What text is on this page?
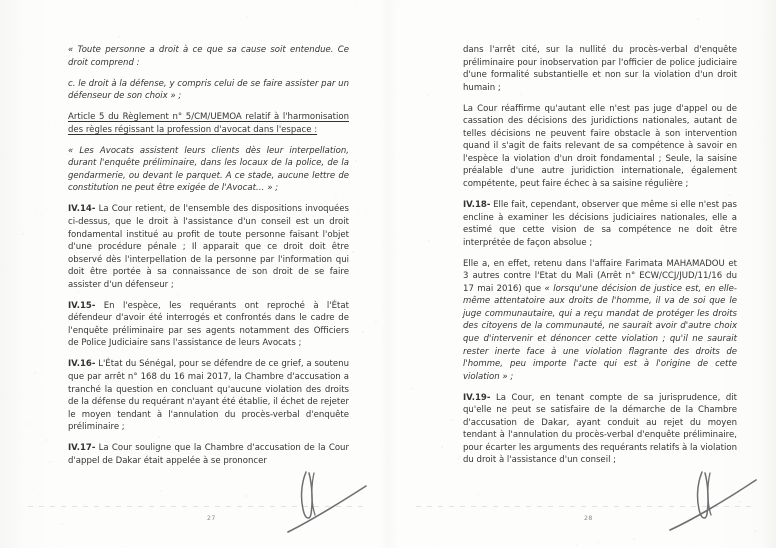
« Toute personne a droit à ce que sa cause soit entendue. Ce droit comprend :

c. le droit à la défense, y compris celui de se faire assister par un défenseur de son choix » ;

Article 5 du Règlement n° 5/CM/UEMOA relatif à l'harmonisation des règles régissant la profession d'avocat dans l'espace :

« Les Avocats assistent leurs clients dès leur interpellation, durant l'enquête préliminaire, dans les locaux de la police, de la gendarmerie, ou devant le parquet. A ce stade, aucune lettre de constitution ne peut être exigée de l'Avocat… » ;

IV.14- La Cour retient, de l'ensemble des dispositions invoquées ci-dessus, que le droit à l'assistance d'un conseil est un droit fondamental institué au profit de toute personne faisant l'objet d'une procédure pénale ; Il apparait que ce droit doit être observé dès l'interpellation de la personne par l'information qui doit être portée à sa connaissance de son droit de se faire assister d'un défenseur ;

IV.15- En l'espèce, les requérants ont reproché à l'État défendeur d'avoir été interrogés et confrontés dans le cadre de l'enquête préliminaire par ses agents notamment des Officiers de Police Judiciaire sans l'assistance de leurs Avocats ;

IV.16- L'État du Sénégal, pour se défendre de ce grief, a soutenu que par arrêt n° 168 du 16 mai 2017, la Chambre d'accusation a tranché la question en concluant qu'aucune violation des droits de la défense du requérant n'ayant été établie, il échet de rejeter le moyen tendant à l'annulation du procès-verbal d'enquête préliminaire ;

IV.17- La Cour souligne que la Chambre d'accusation de la Cour d'appel de Dakar était appelée à se prononcer

27

dans l'arrêt cité, sur la nullité du procès-verbal d'enquête préliminaire pour inobservation par l'officier de police judiciaire d'une formalité substantielle et non sur la violation d'un droit humain ;

La Cour réaffirme qu'autant elle n'est pas juge d'appel ou de cassation des décisions des juridictions nationales, autant de telles décisions ne peuvent faire obstacle à son intervention quand il s'agit de faits relevant de sa compétence à savoir en l'espèce la violation d'un droit fondamental ; Seule, la saisine préalable d'une autre juridiction internationale, également compétente, peut faire échec à sa saisine régulière ;

IV.18- Elle fait, cependant, observer que même si elle n'est pas encline à examiner les décisions judiciaires nationales, elle a estimé que cette vision de sa compétence ne doit être interprétée de façon absolue ;

Elle a, en effet, retenu dans l'affaire Farimata MAHAMADOU et 3 autres contre l'Etat du Mali (Arrêt n° ECW/CCJ/JUD/11/16 du 17 mai 2016) que « lorsqu'une décision de justice est, en elle-même attentatoire aux droits de l'homme, il va de soi que le juge communautaire, qui a reçu mandat de protéger les droits des citoyens de la communauté, ne saurait avoir d'autre choix que d'intervenir et dénoncer cette violation ; qu'il ne saurait rester inerte face à une violation flagrante des droits de l'homme, peu importe l'acte qui est à l'origine de cette violation » ;

IV.19- La Cour, en tenant compte de sa jurisprudence, dit qu'elle ne peut se satisfaire de la démarche de la Chambre d'accusation de Dakar, ayant conduit au rejet du moyen tendant à l'annulation du procès-verbal d'enquête préliminaire, pour écarter les arguments des requérants relatifs à la violation du droit à l'assistance d'un conseil ;

28
